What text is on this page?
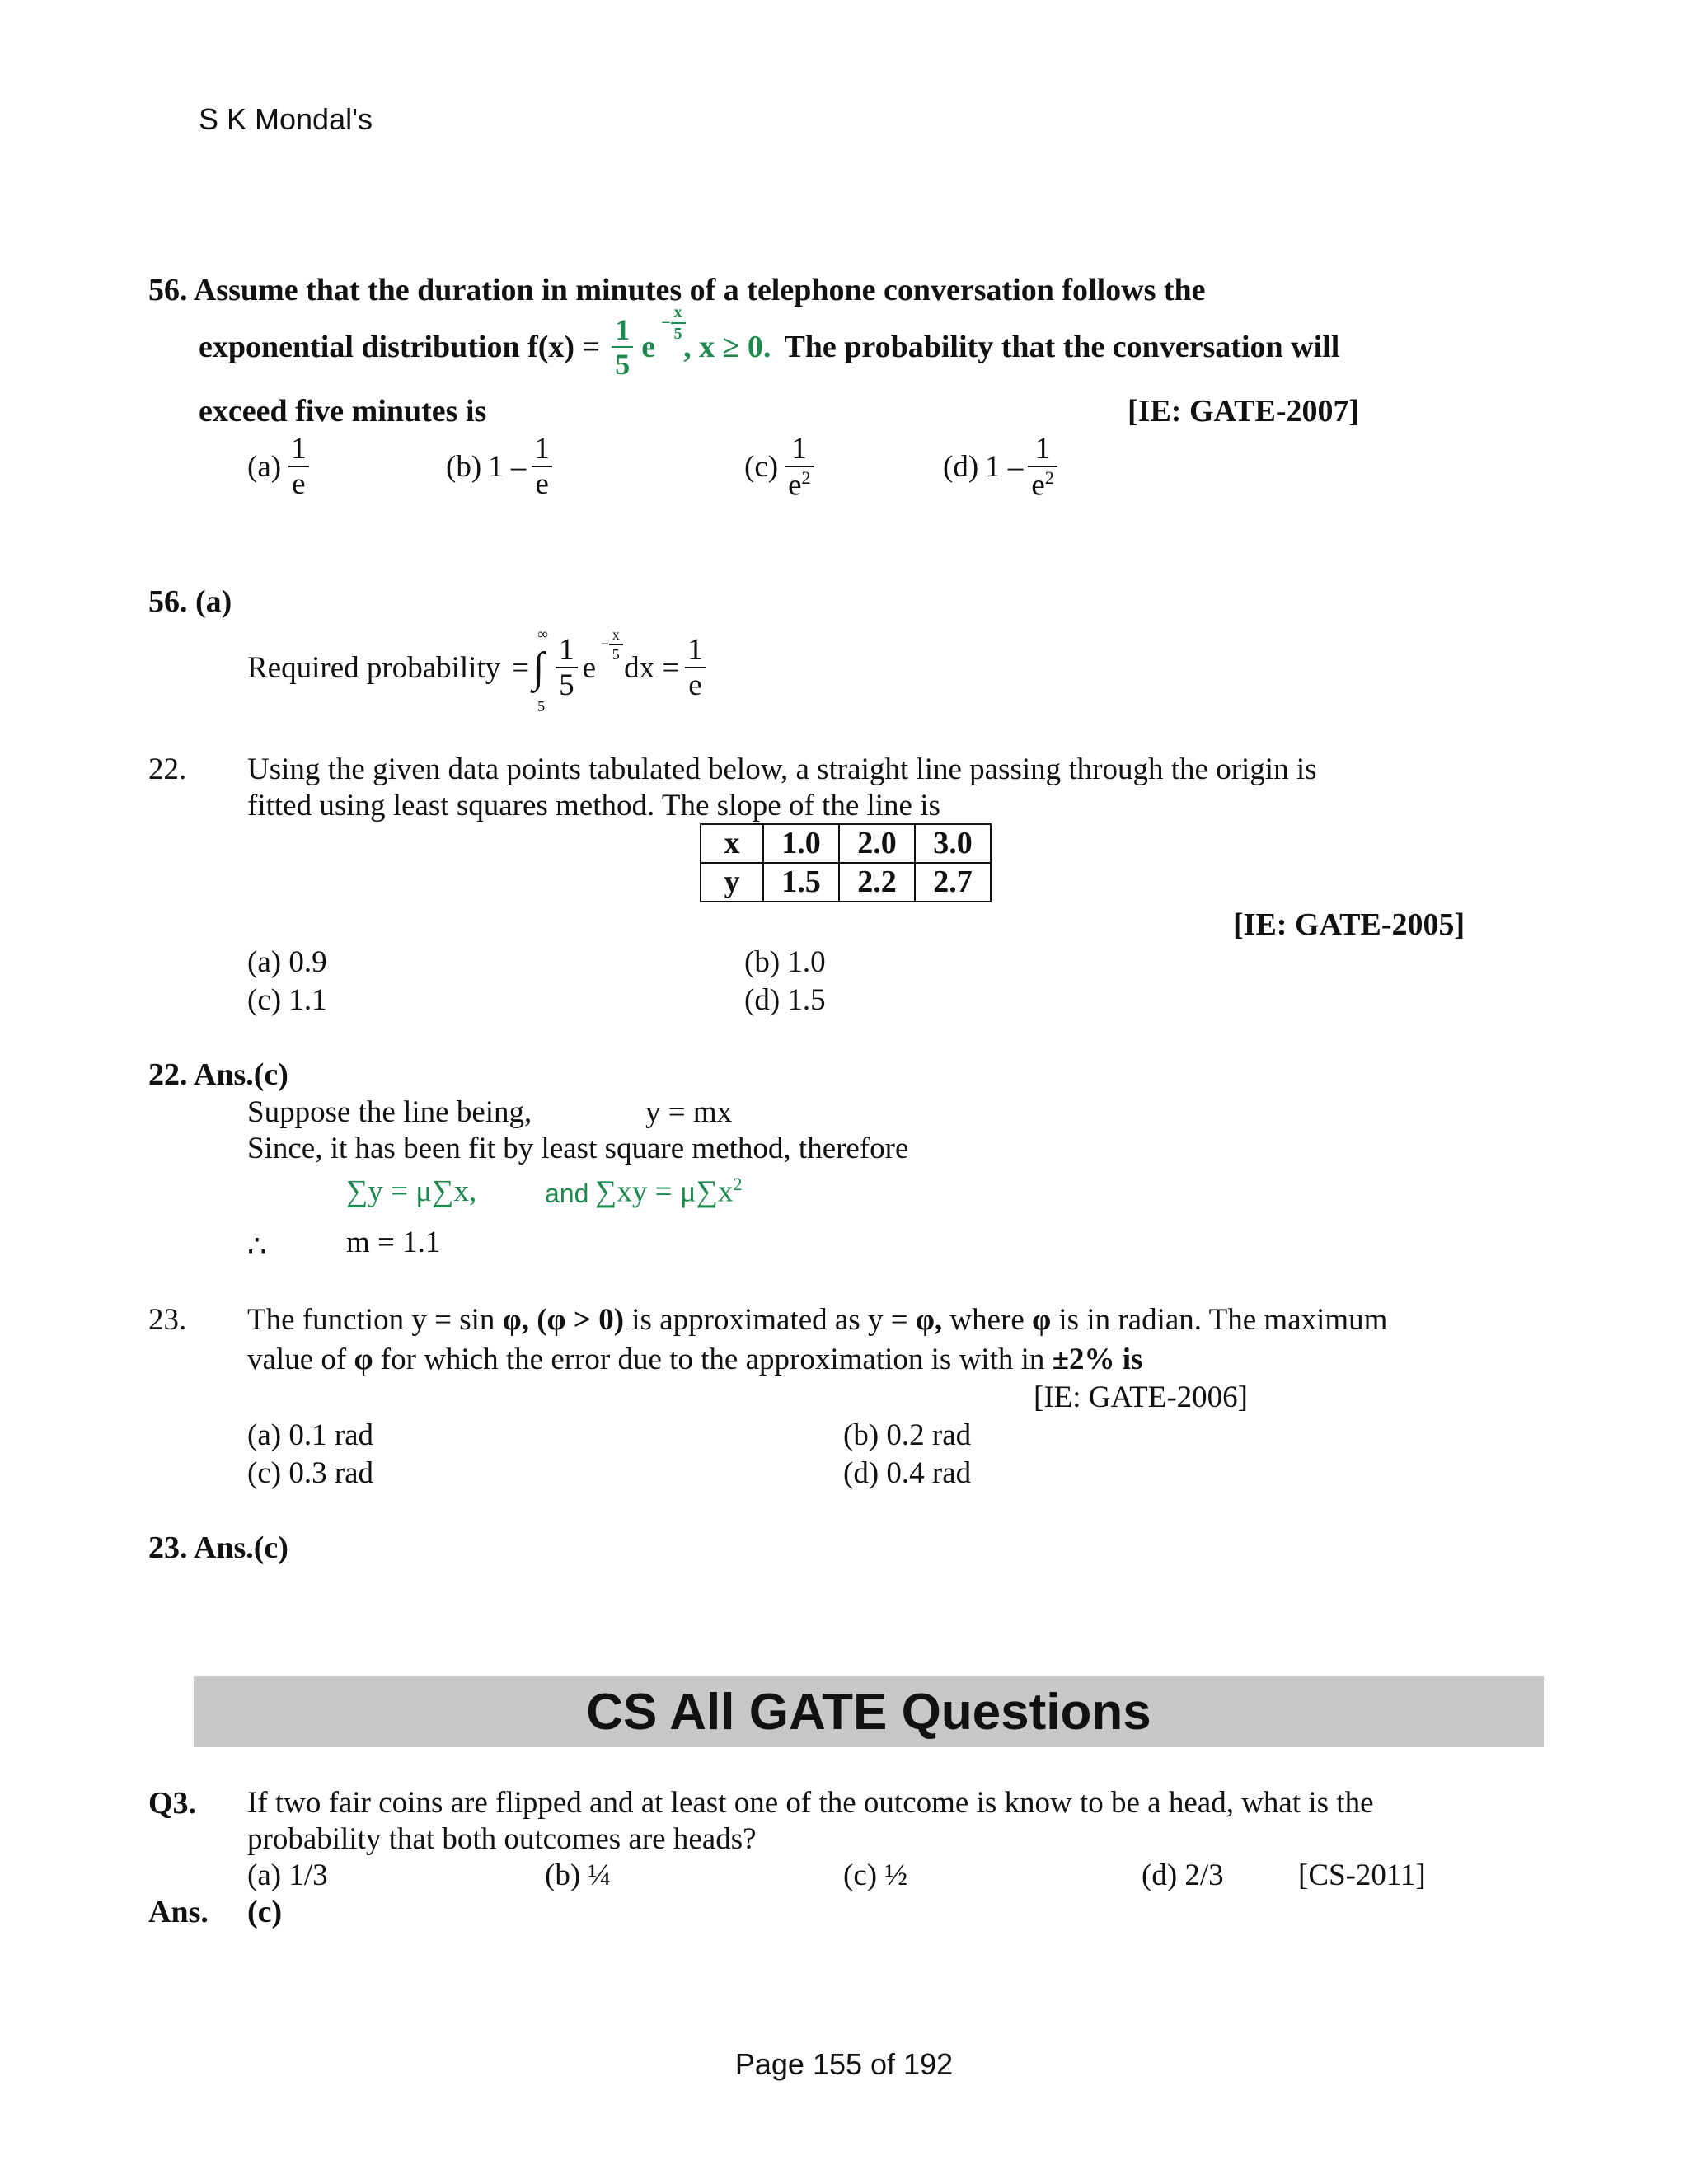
S K Mondal's
56. Assume that the duration in minutes of a telephone conversation follows the
exponential distribution $f(x) = \frac{1}{5}$ e
− $\frac{x}{5}$
, x ≥ 0. The probability that the conversation will
exceed five minutes is	[IE: GATE-2007]
$(a) \frac{1}{e}$	(b) $1 - \frac{1}{e}$	$(c) \frac{1}{e^2}$	(d) $1 - \frac{1}{e^2}$
56. (a)
Required probability = ∫
∞
5
$\frac{1}{5}$ e
− $\frac{x}{5}$
dx = $\frac{1}{e}$
22. Using the given data points tabulated below, a straight line passing through the origin is
fitted using least squares method. The slope of the line is
x	1.0	2.0	3.0
y	1.5	2.2	2.7
[IE: GATE-2005]
(a) 0.9	(b) 1.0
(c) 1.1	(d) 1.5
22. Ans.(c)
Suppose the line being,	y = mx
Since, it has been fit by least square method, therefore
∑y = μ∑x,	and $\sum xy = \mu\sum x^2$
∴	m = 1.1
23. The function y = sin φ, (φ > 0) is approximated as y = φ, where φ is in radian. The maximum
value of φ for which the error due to the approximation is with in ±2% is
[IE: GATE-2006]
(a) 0.1 rad	(b) 0.2 rad
(c) 0.3 rad	(d) 0.4 rad
23. Ans.(c)
CS All GATE Questions
Q3. If two fair coins are flipped and at least one of the outcome is know to be a head, what is the
probability that both outcomes are heads?
(a) 1/3	(b) ¼	(c) ½	(d) 2/3 [CS-2011]
Ans. (c)
Page 155 of 192
